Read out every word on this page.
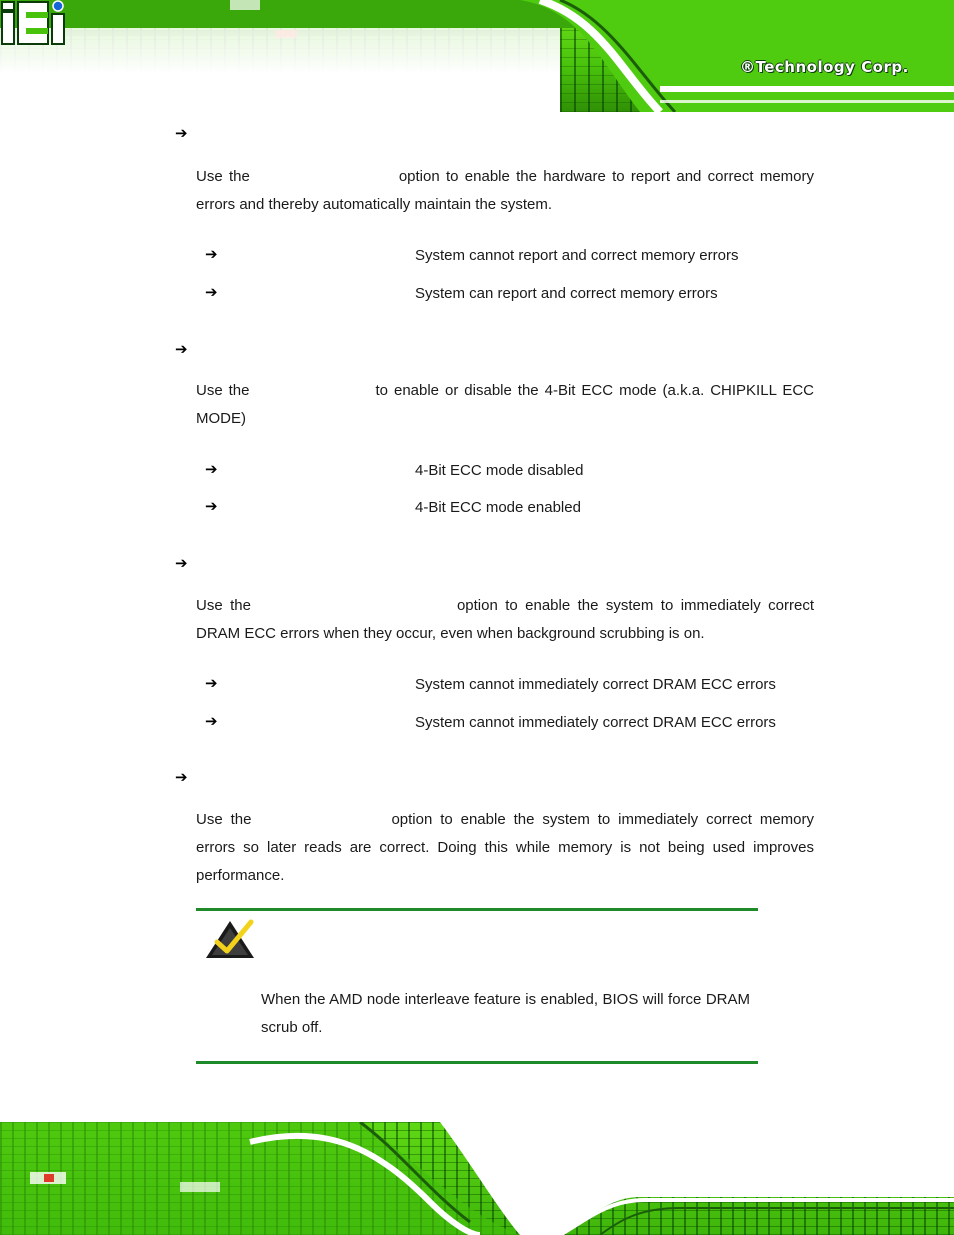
®Technology Corp.
➔

Use the	option to enable the hardware to report and correct memory errors and thereby automatically maintain the system.

➔	System cannot report and correct memory errors
➔	System can report and correct memory errors
➔

Use the	to enable or disable the 4-Bit ECC mode (a.k.a. CHIPKILL ECC MODE)

➔	4-Bit ECC mode disabled
➔	4-Bit ECC mode enabled
➔

Use the	option to enable the system to immediately correct DRAM ECC errors when they occur, even when background scrubbing is on.

➔	System cannot immediately correct DRAM ECC errors
➔	System cannot immediately correct DRAM ECC errors
➔

Use the	option to enable the system to immediately correct memory errors so later reads are correct. Doing this while memory is not being used improves performance.

When the AMD node interleave feature is enabled, BIOS will force DRAM scrub off.
